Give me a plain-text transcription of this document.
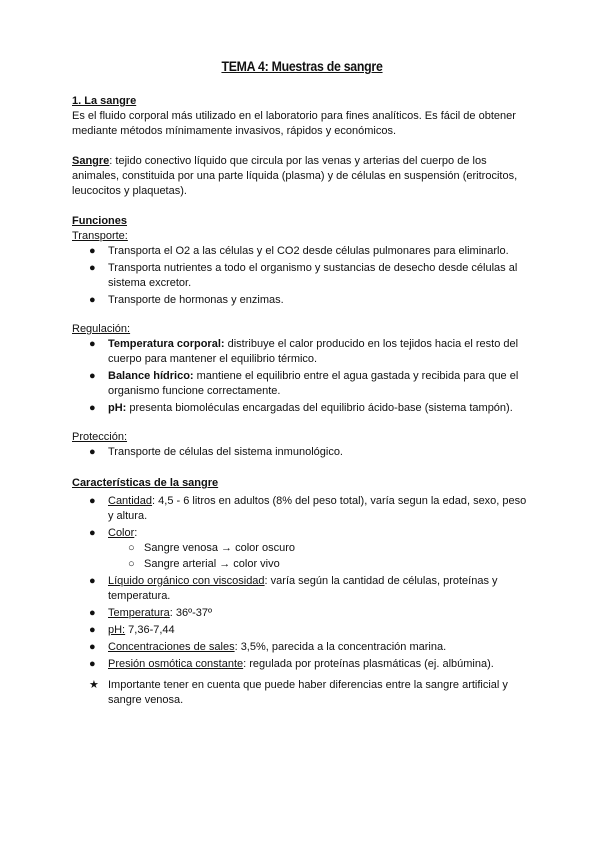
TEMA 4: Muestras de sangre
1. La sangre

Es el fluido corporal más utilizado en el laboratorio para fines analíticos. Es fácil de obtener mediante métodos mínimamente invasivos, rápidos y económicos.

Sangre: tejido conectivo líquido que circula por las venas y arterias del cuerpo de los animales, constituida por una parte líquida (plasma) y de células en suspensión (eritrocitos, leucocitos y plaquetas).

Funciones
Transporte:
● Transporta el O2 a las células y el CO2 desde células pulmonares para eliminarlo.
● Transporta nutrientes a todo el organismo y sustancias de desecho desde células al sistema excretor.
● Transporte de hormonas y enzimas.
Regulación:
● Temperatura corporal: distribuye el calor producido en los tejidos hacia el resto del cuerpo para mantener el equilibrio térmico.
● Balance hídrico: mantiene el equilibrio entre el agua gastada y recibida para que el organismo funcione correctamente.
● pH: presenta biomoléculas encargadas del equilibrio ácido-base (sistema tampón).
Protección:
● Transporte de células del sistema inmunológico.
Características de la sangre
● Cantidad: 4,5 - 6 litros en adultos (8% del peso total), varía segun la edad, sexo, peso y altura.
● Color:
○ Sangre venosa → color oscuro
○ Sangre arterial → color vivo
● Líquido orgánico con viscosidad: varía según la cantidad de células, proteínas y temperatura.
● Temperatura: 36º-37º
● pH: 7,36-7,44
● Concentraciones de sales: 3,5%, parecida a la concentración marina.
● Presión osmótica constante: regulada por proteínas plasmáticas (ej. albúmina).
★ Importante tener en cuenta que puede haber diferencias entre la sangre artificial y sangre venosa.
